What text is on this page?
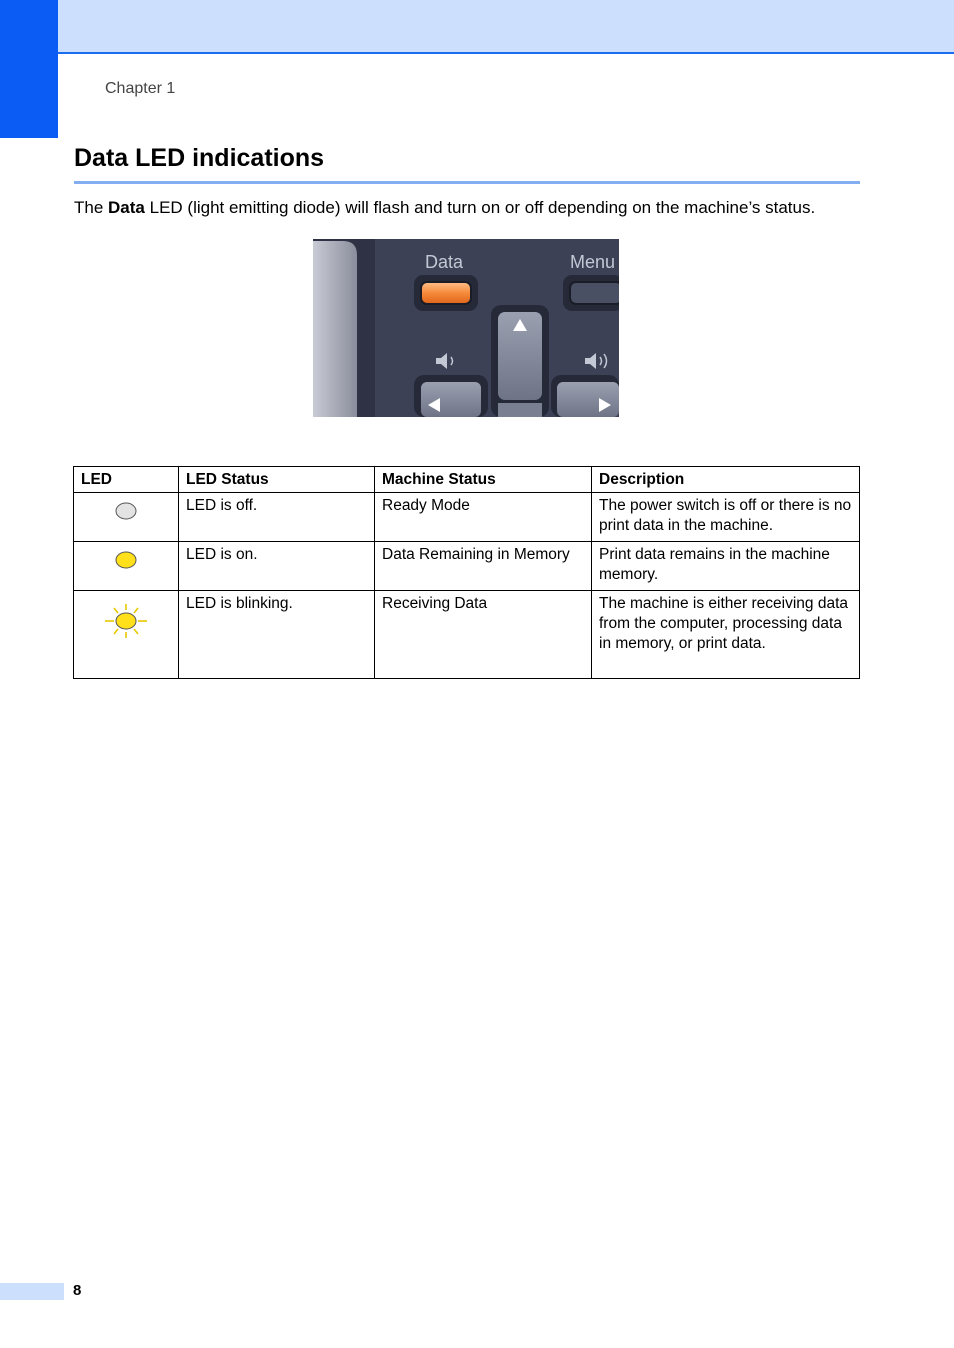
Chapter 1
Data LED indications

The Data LED (light emitting diode) will flash and turn on or off depending on the machine’s status.

Data	Menu
LED	LED Status	Machine Status	Description
	LED is off.	Ready Mode	The power switch is off or there is no print data in the machine.
	LED is on.	Data Remaining in Memory	Print data remains in the machine memory.
	LED is blinking.	Receiving Data	The machine is either receiving data from the computer, processing data in memory, or print data.
8
